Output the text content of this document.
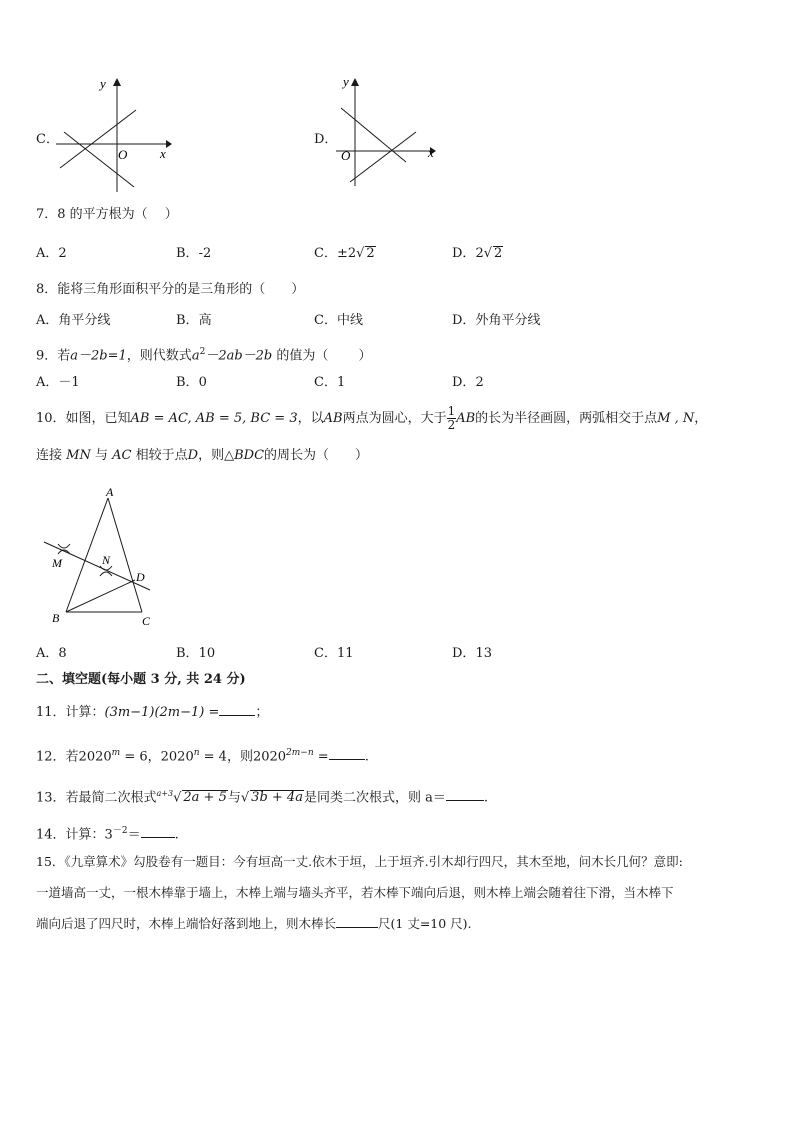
C．
x
y
O
D．
x
y
O
7．8 的平方根为（　 ）
A．2	B．-2	C．±2√ 2	D．2√ 2
8．能将三角形面积平分的是三角形的（　　）
A．角平分线	B．高	C．中线	D．外角平分线
9．若a－2b=1，则代数式$a^2-2ab-2b$ 的值为（　　 ）
A．－1	B．0	C．1	D．2
10．如图，已知AB = AC, AB = 5, BC = 3，以AB两点为圆心，大于 $\frac{1}{2}$ AB的长为半径画圆，两弧相交于点M , N，
连接 MN 与 AC 相较于点D，则△BDC的周长为（　　）
A
M	N
D
B	C
A．8	B．10	C．11	D．13
二、填空题(每小题 3 分, 共 24 分)
11．计算：(3m−1)(2m−1) =	；
12．若$2020^m = 6$，$2020^n = 4$，则$2020^{2m-n}$ =	.
13．若最简二次根式$^{a+3}$√ 2a + 5与√ 3b + 4a是同类二次根式，则 a＝	.
14．计算：$3^{-2}=$	.
15．《九章算术》勾股卷有一题目：今有垣高一丈.依木于垣，上于垣齐.引木却行四尺，其木至地，问木长几何？意即:
一道墙高一丈，一根木棒靠于墙上，木棒上端与墙头齐平，若木棒下端向后退，则木棒上端会随着往下滑，当木棒下
端向后退了四尺时，木棒上端恰好落到地上，则木棒长	尺(1 丈=10 尺).
